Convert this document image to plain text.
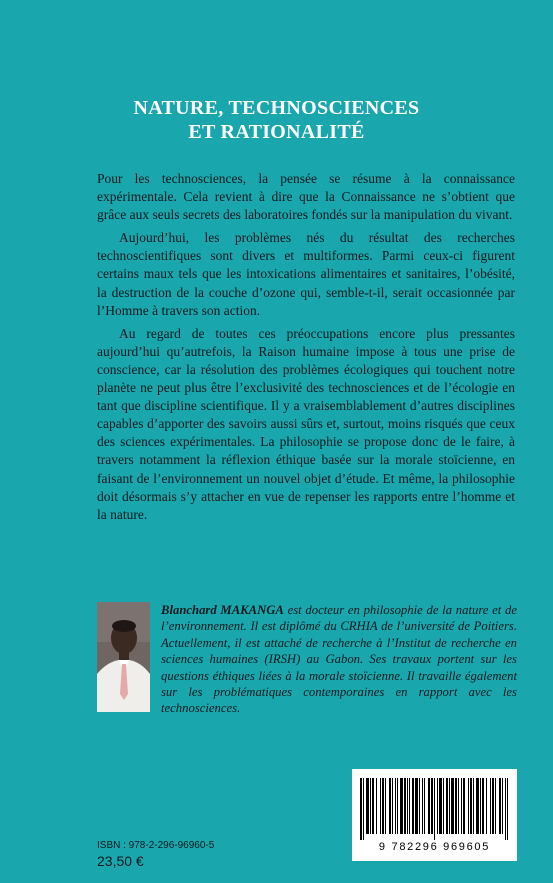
NATURE, TECHNOSCIENCES
ET RATIONALITÉ

Pour les technosciences, la pensée se résume à la connaissance expérimentale. Cela revient à dire que la Connaissance ne s’obtient que grâce aux seuls secrets des laboratoires fondés sur la manipulation du vivant.

Aujourd’hui, les problèmes nés du résultat des recherches technoscientifiques sont divers et multiformes. Parmi ceux-ci figurent certains maux tels que les intoxications alimentaires et sanitaires, l’obésité, la destruction de la couche d’ozone qui, semble-t-il, serait occasionnée par l’Homme à travers son action.

Au regard de toutes ces préoccupations encore plus pressantes aujourd’hui qu’autrefois, la Raison humaine impose à tous une prise de conscience, car la résolution des problèmes écologiques qui touchent notre planète ne peut plus être l’exclusivité des technosciences et de l’écologie en tant que discipline scientifique. Il y a vraisemblablement d’autres disciplines capables d’apporter des savoirs aussi sûrs et, surtout, moins risqués que ceux des sciences expérimentales. La philosophie se propose donc de le faire, à travers notamment la réflexion éthique basée sur la morale stoïcienne, en faisant de l’environnement un nouvel objet d’étude. Et même, la philosophie doit désormais s’y attacher en vue de repenser les rapports entre l’homme et la nature.

Blanchard MAKANGA est docteur en philosophie de la nature et de l’environnement. Il est diplômé du CRHIA de l’université de Poitiers. Actuellement, il est attaché de recherche à l’Institut de recherche en sciences humaines (IRSH) au Gabon. Ses travaux portent sur les questions éthiques liées à la morale stoïcienne. Il travaille également sur les problématiques contemporaines en rapport avec les technosciences.
ISBN : 978-2-296-96960-5
23,50 €
9 782296 969605
